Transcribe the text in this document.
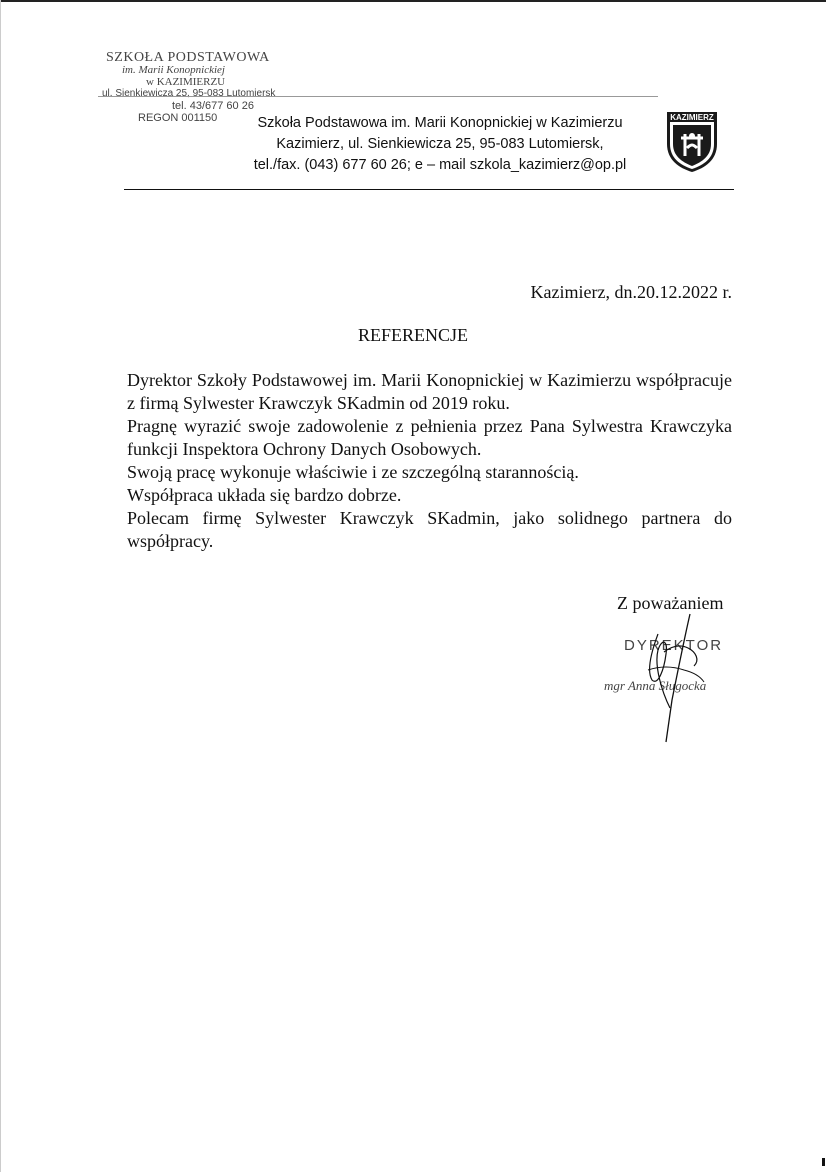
SZKOŁA PODSTAWOWA
im. Marii Konopnickiej
w KAZIMIERZU
ul. Sienkiewicza 25, 95-083 Lutomiersk
tel. 43/677 60 26
REGON 001150	Szkoła Podstawowa im. Marii Konopnickiej w Kazimierzu
Kazimierz, ul. Sienkiewicza 25, 95-083 Lutomiersk,
tel./fax. (043) 677 60 26; e – mail szkola_kazimierz@op.pl
KAZIMIERZ
Kazimierz, dn.20.12.2022 r.
REFERENCJE

Dyrektor Szkoły Podstawowej im. Marii Konopnickiej w Kazimierzu współpracuje z firmą Sylwester Krawczyk SKadmin od 2019 roku.

Pragnę wyrazić swoje zadowolenie z pełnienia przez Pana Sylwestra Krawczyka funkcji Inspektora Ochrony Danych Osobowych.

Swoją pracę wykonuje właściwie i ze szczególną starannością.

Współpraca układa się bardzo dobrze.

Polecam firmę Sylwester Krawczyk SKadmin, jako solidnego partnera do współpracy.

Z poważaniem
DYREKTOR
mgr Anna Sługocka
